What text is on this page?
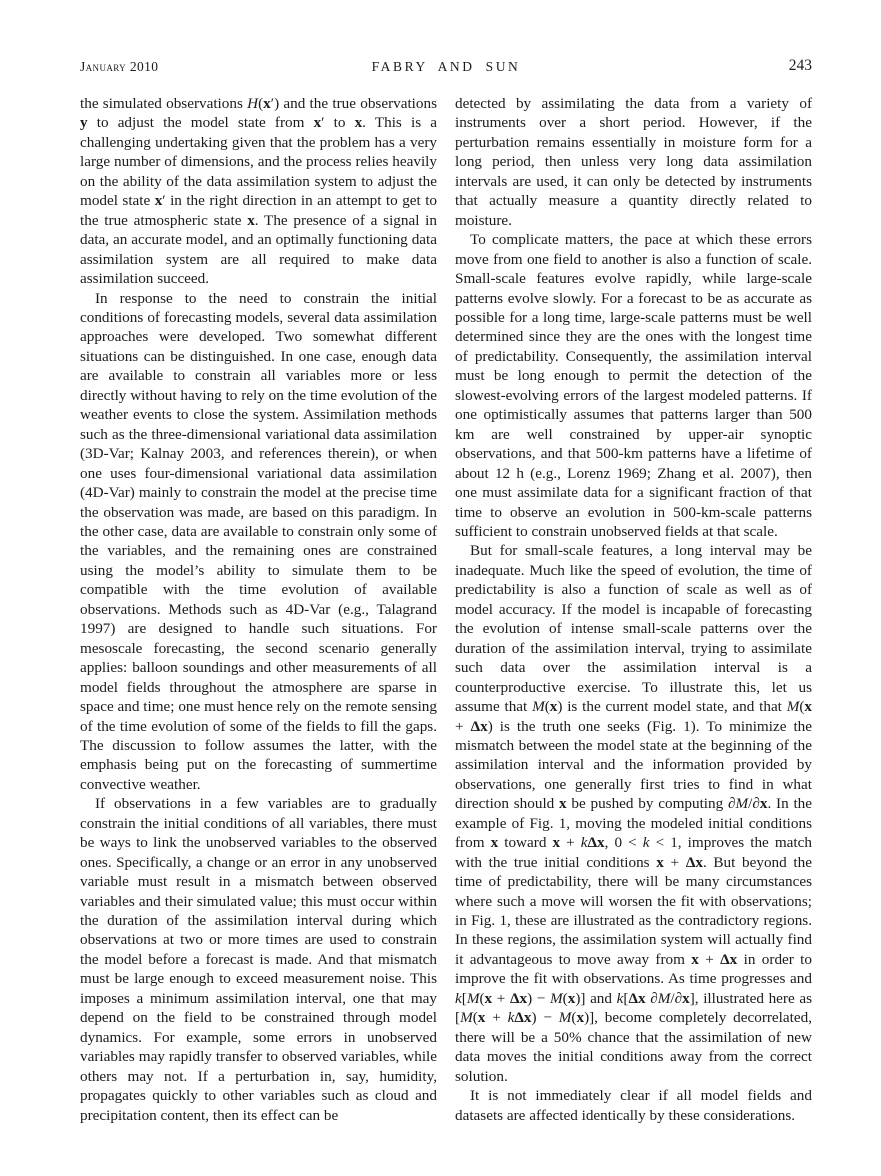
January 2010	FABRY AND SUN	243

the simulated observations H(x′) and the true observations y to adjust the model state from x′ to x. This is a challenging undertaking given that the problem has a very large number of dimensions, and the process relies heavily on the ability of the data assimilation system to adjust the model state x′ in the right direction in an attempt to get to the true atmospheric state x. The presence of a signal in data, an accurate model, and an optimally functioning data assimilation system are all required to make data assimilation succeed.

In response to the need to constrain the initial conditions of forecasting models, several data assimilation approaches were developed. Two somewhat different situations can be distinguished. In one case, enough data are available to constrain all variables more or less directly without having to rely on the time evolution of the weather events to close the system. Assimilation methods such as the three-dimensional variational data assimilation (3D-Var; Kalnay 2003, and references therein), or when one uses four-dimensional variational data assimilation (4D-Var) mainly to constrain the model at the precise time the observation was made, are based on this paradigm. In the other case, data are available to constrain only some of the variables, and the remaining ones are constrained using the model’s ability to simulate them to be compatible with the time evolution of available observations. Methods such as 4D-Var (e.g., Talagrand 1997) are designed to handle such situations. For mesoscale forecasting, the second scenario generally applies: balloon soundings and other measurements of all model fields throughout the atmosphere are sparse in space and time; one must hence rely on the remote sensing of the time evolution of some of the fields to fill the gaps. The discussion to follow assumes the latter, with the emphasis being put on the forecasting of summertime convective weather.

If observations in a few variables are to gradually constrain the initial conditions of all variables, there must be ways to link the unobserved variables to the observed ones. Specifically, a change or an error in any unobserved variable must result in a mismatch between observed variables and their simulated value; this must occur within the duration of the assimilation interval during which observations at two or more times are used to constrain the model before a forecast is made. And that mismatch must be large enough to exceed measurement noise. This imposes a minimum assimilation interval, one that may depend on the field to be constrained through model dynamics. For example, some errors in unobserved variables may rapidly transfer to observed variables, while others may not. If a perturbation in, say, humidity, propagates quickly to other variables such as cloud and precipitation content, then its effect can be

detected by assimilating the data from a variety of instruments over a short period. However, if the perturbation remains essentially in moisture form for a long period, then unless very long data assimilation intervals are used, it can only be detected by instruments that actually measure a quantity directly related to moisture.

To complicate matters, the pace at which these errors move from one field to another is also a function of scale. Small-scale features evolve rapidly, while large-scale patterns evolve slowly. For a forecast to be as accurate as possible for a long time, large-scale patterns must be well determined since they are the ones with the longest time of predictability. Consequently, the assimilation interval must be long enough to permit the detection of the slowest-evolving errors of the largest modeled patterns. If one optimistically assumes that patterns larger than 500 km are well constrained by upper-air synoptic observations, and that 500-km patterns have a lifetime of about 12 h (e.g., Lorenz 1969; Zhang et al. 2007), then one must assimilate data for a significant fraction of that time to observe an evolution in 500-km-scale patterns sufficient to constrain unobserved fields at that scale.

But for small-scale features, a long interval may be inadequate. Much like the speed of evolution, the time of predictability is also a function of scale as well as of model accuracy. If the model is incapable of forecasting the evolution of intense small-scale patterns over the duration of the assimilation interval, trying to assimilate such data over the assimilation interval is a counterproductive exercise. To illustrate this, let us assume that M(x) is the current model state, and that M(x + Δx) is the truth one seeks (Fig. 1). To minimize the mismatch between the model state at the beginning of the assimilation interval and the information provided by observations, one generally first tries to find in what direction should x be pushed by computing ∂M/∂x. In the example of Fig. 1, moving the modeled initial conditions from x toward x + kΔx, 0 < k < 1, improves the match with the true initial conditions x + Δx. But beyond the time of predictability, there will be many circumstances where such a move will worsen the fit with observations; in Fig. 1, these are illustrated as the contradictory regions. In these regions, the assimilation system will actually find it advantageous to move away from x + Δx in order to improve the fit with observations. As time progresses and k[M(x + Δx) − M(x)] and k[Δx ∂M/∂x], illustrated here as [M(x + kΔx) − M(x)], become completely decorrelated, there will be a 50% chance that the assimilation of new data moves the initial conditions away from the correct solution.

It is not immediately clear if all model fields and datasets are affected identically by these considerations.
